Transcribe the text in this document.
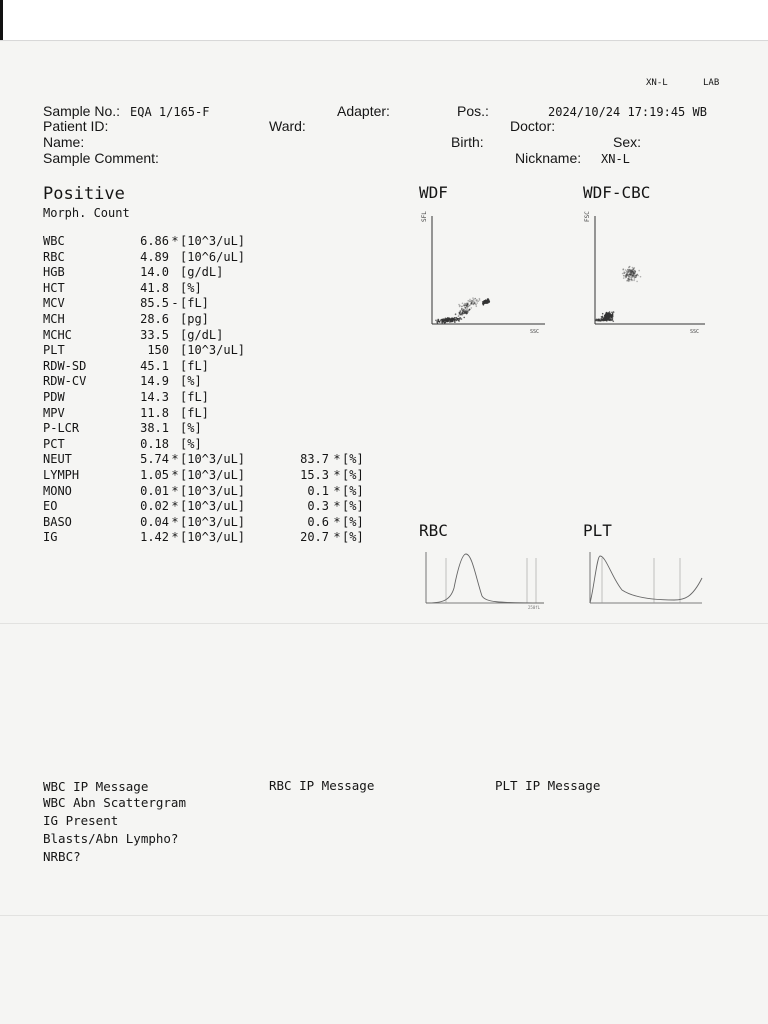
XN-L	LAB
Sample No.: EQA 1/165-F	Adapter:	Pos.:	2024/10/24 17:19:45 WB
Patient ID:	Ward:	Doctor:
Name:	Birth:	Sex:
Sample Comment:	Nickname: XN-L
Positive
Morph. Count
WBC	6.86 * [10^3/uL]
RBC	4.89 [10^6/uL]
HGB	14.0 [g/dL]
HCT	41.8 [%]
MCV	85.5 - [fL]
MCH	28.6 [pg]
MCHC	33.5 [g/dL]
PLT	150 [10^3/uL]
RDW-SD	45.1 [fL]
RDW-CV	14.9 [%]
PDW	14.3 [fL]
MPV	11.8 [fL]
P-LCR	38.1 [%]
PCT	0.18 [%]
NEUT	5.74 * [10^3/uL]	83.7 * [%]
LYMPH	1.05 * [10^3/uL]	15.3 * [%]
MONO	0.01 * [10^3/uL]	0.1 * [%]
EO	0.02 * [10^3/uL]	0.3 * [%]
BASO	0.04 * [10^3/uL]	0.6 * [%]
IG	1.42 * [10^3/uL]	20.7 * [%]
WDF
SFL
SSC
WDF-CBC
FSC
SSC
RBC
250fL
PLT
WBC IP Message	RBC IP Message	PLT IP Message
WBC Abn Scattergram
IG Present
Blasts/Abn Lympho?
NRBC?
